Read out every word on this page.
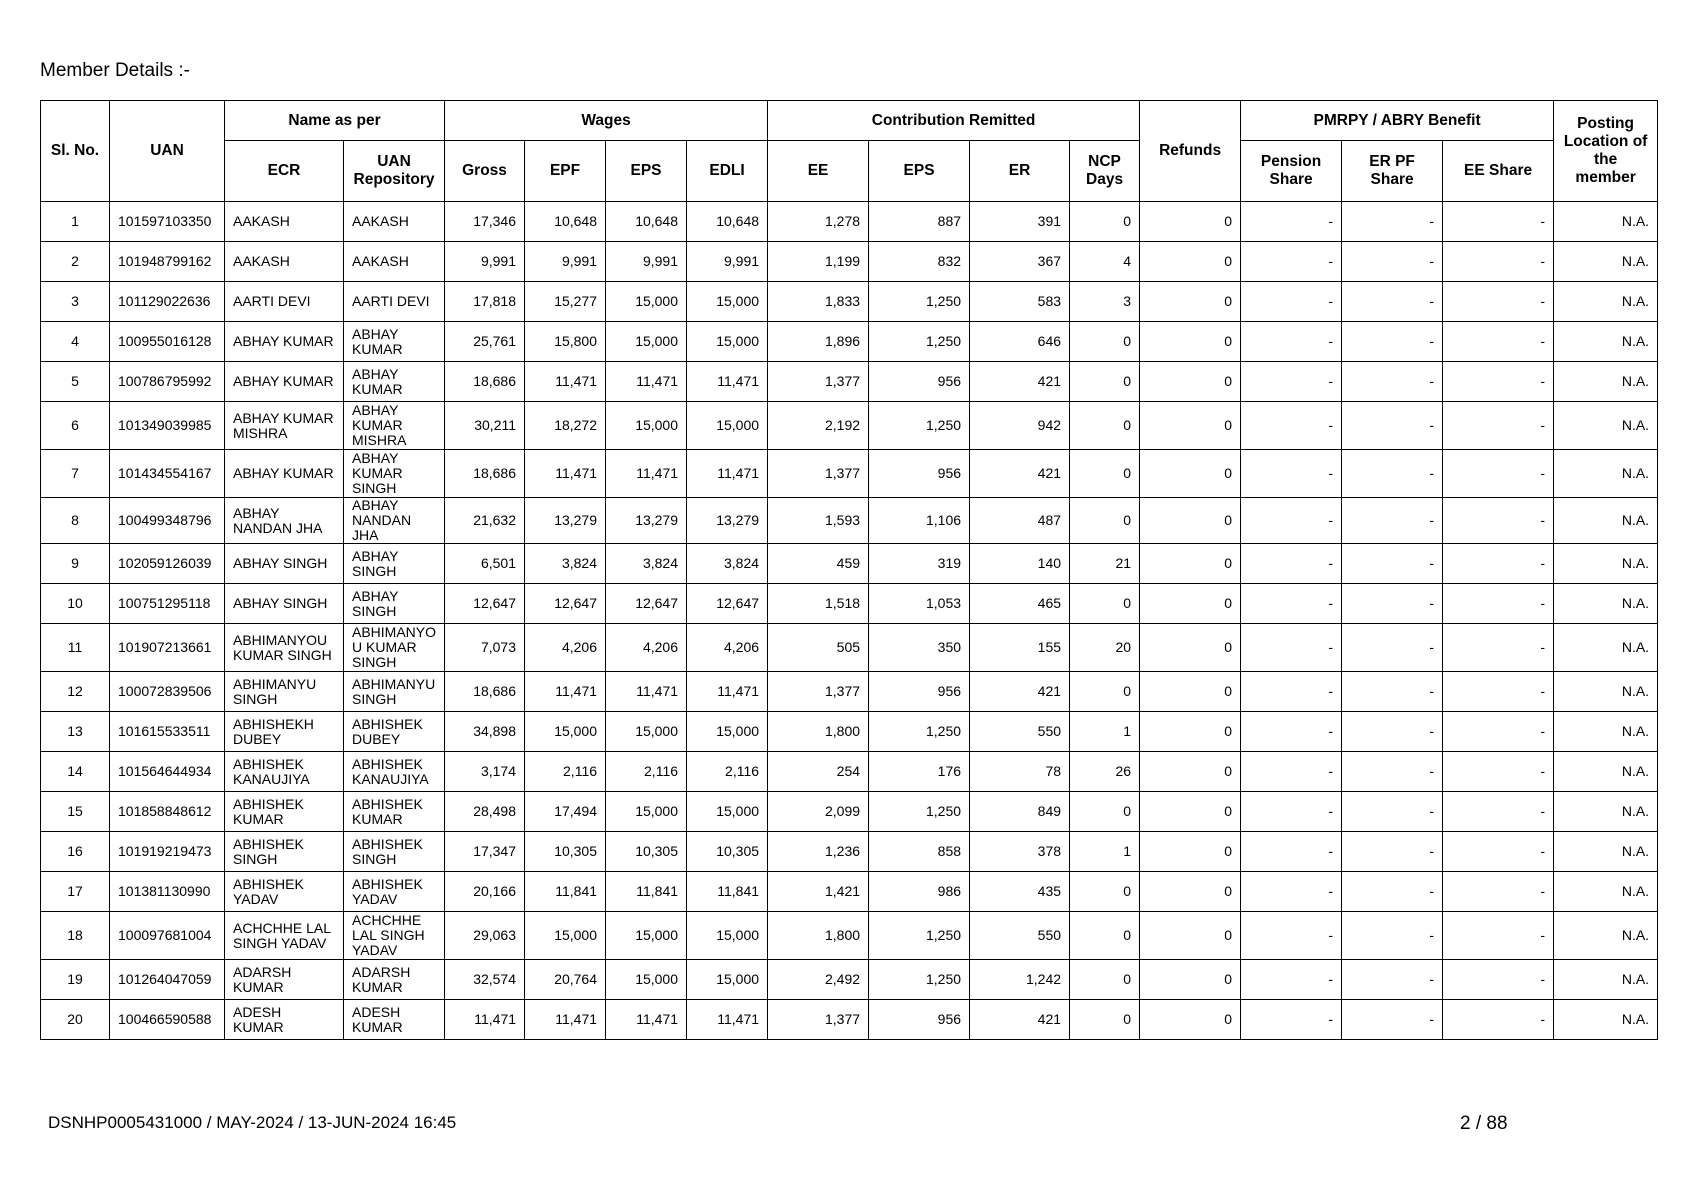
Member Details :-
Sl. No.	UAN	Name as per		Wages				Contribution Remitted				Refunds	PMRPY / ABRY Benefit			Posting Location of the member
		ECR	UAN Repository	Gross	EPF	EPS	EDLI	EE	EPS	ER	NCP Days		Pension Share	ER PF Share	EE Share	
1	101597103350	AAKASH	AAKASH	17,346	10,648	10,648	10,648	1,278	887	391	0	0	-	-	-	N.A.
2	101948799162	AAKASH	AAKASH	9,991	9,991	9,991	9,991	1,199	832	367	4	0	-	-	-	N.A.
3	101129022636	AARTI DEVI	AARTI DEVI	17,818	15,277	15,000	15,000	1,833	1,250	583	3	0	-	-	-	N.A.
4	100955016128	ABHAY KUMAR	ABHAY KUMAR	25,761	15,800	15,000	15,000	1,896	1,250	646	0	0	-	-	-	N.A.
5	100786795992	ABHAY KUMAR	ABHAY KUMAR	18,686	11,471	11,471	11,471	1,377	956	421	0	0	-	-	-	N.A.
6	101349039985	ABHAY KUMAR MISHRA	ABHAY KUMAR MISHRA	30,211	18,272	15,000	15,000	2,192	1,250	942	0	0	-	-	-	N.A.
7	101434554167	ABHAY KUMAR	ABHAY KUMAR SINGH	18,686	11,471	11,471	11,471	1,377	956	421	0	0	-	-	-	N.A.
8	100499348796	ABHAY NANDAN JHA	ABHAY NANDAN JHA	21,632	13,279	13,279	13,279	1,593	1,106	487	0	0	-	-	-	N.A.
9	102059126039	ABHAY SINGH	ABHAY SINGH	6,501	3,824	3,824	3,824	459	319	140	21	0	-	-	-	N.A.
10	100751295118	ABHAY SINGH	ABHAY SINGH	12,647	12,647	12,647	12,647	1,518	1,053	465	0	0	-	-	-	N.A.
11	101907213661	ABHIMANYOU KUMAR SINGH	ABHIMANYO U KUMAR SINGH	7,073	4,206	4,206	4,206	505	350	155	20	0	-	-	-	N.A.
12	100072839506	ABHIMANYU SINGH	ABHIMANYU SINGH	18,686	11,471	11,471	11,471	1,377	956	421	0	0	-	-	-	N.A.
13	101615533511	ABHISHEKH DUBEY	ABHISHEK DUBEY	34,898	15,000	15,000	15,000	1,800	1,250	550	1	0	-	-	-	N.A.
14	101564644934	ABHISHEK KANAUJIYA	ABHISHEK KANAUJIYA	3,174	2,116	2,116	2,116	254	176	78	26	0	-	-	-	N.A.
15	101858848612	ABHISHEK KUMAR	ABHISHEK KUMAR	28,498	17,494	15,000	15,000	2,099	1,250	849	0	0	-	-	-	N.A.
16	101919219473	ABHISHEK SINGH	ABHISHEK SINGH	17,347	10,305	10,305	10,305	1,236	858	378	1	0	-	-	-	N.A.
17	101381130990	ABHISHEK YADAV	ABHISHEK YADAV	20,166	11,841	11,841	11,841	1,421	986	435	0	0	-	-	-	N.A.
18	100097681004	ACHCHHE LAL SINGH YADAV	ACHCHHE LAL SINGH YADAV	29,063	15,000	15,000	15,000	1,800	1,250	550	0	0	-	-	-	N.A.
19	101264047059	ADARSH KUMAR	ADARSH KUMAR	32,574	20,764	15,000	15,000	2,492	1,250	1,242	0	0	-	-	-	N.A.
20	100466590588	ADESH KUMAR	ADESH KUMAR	11,471	11,471	11,471	11,471	1,377	956	421	0	0	-	-	-	N.A.
DSNHP0005431000 / MAY-2024 / 13-JUN-2024 16:45	2 / 88
